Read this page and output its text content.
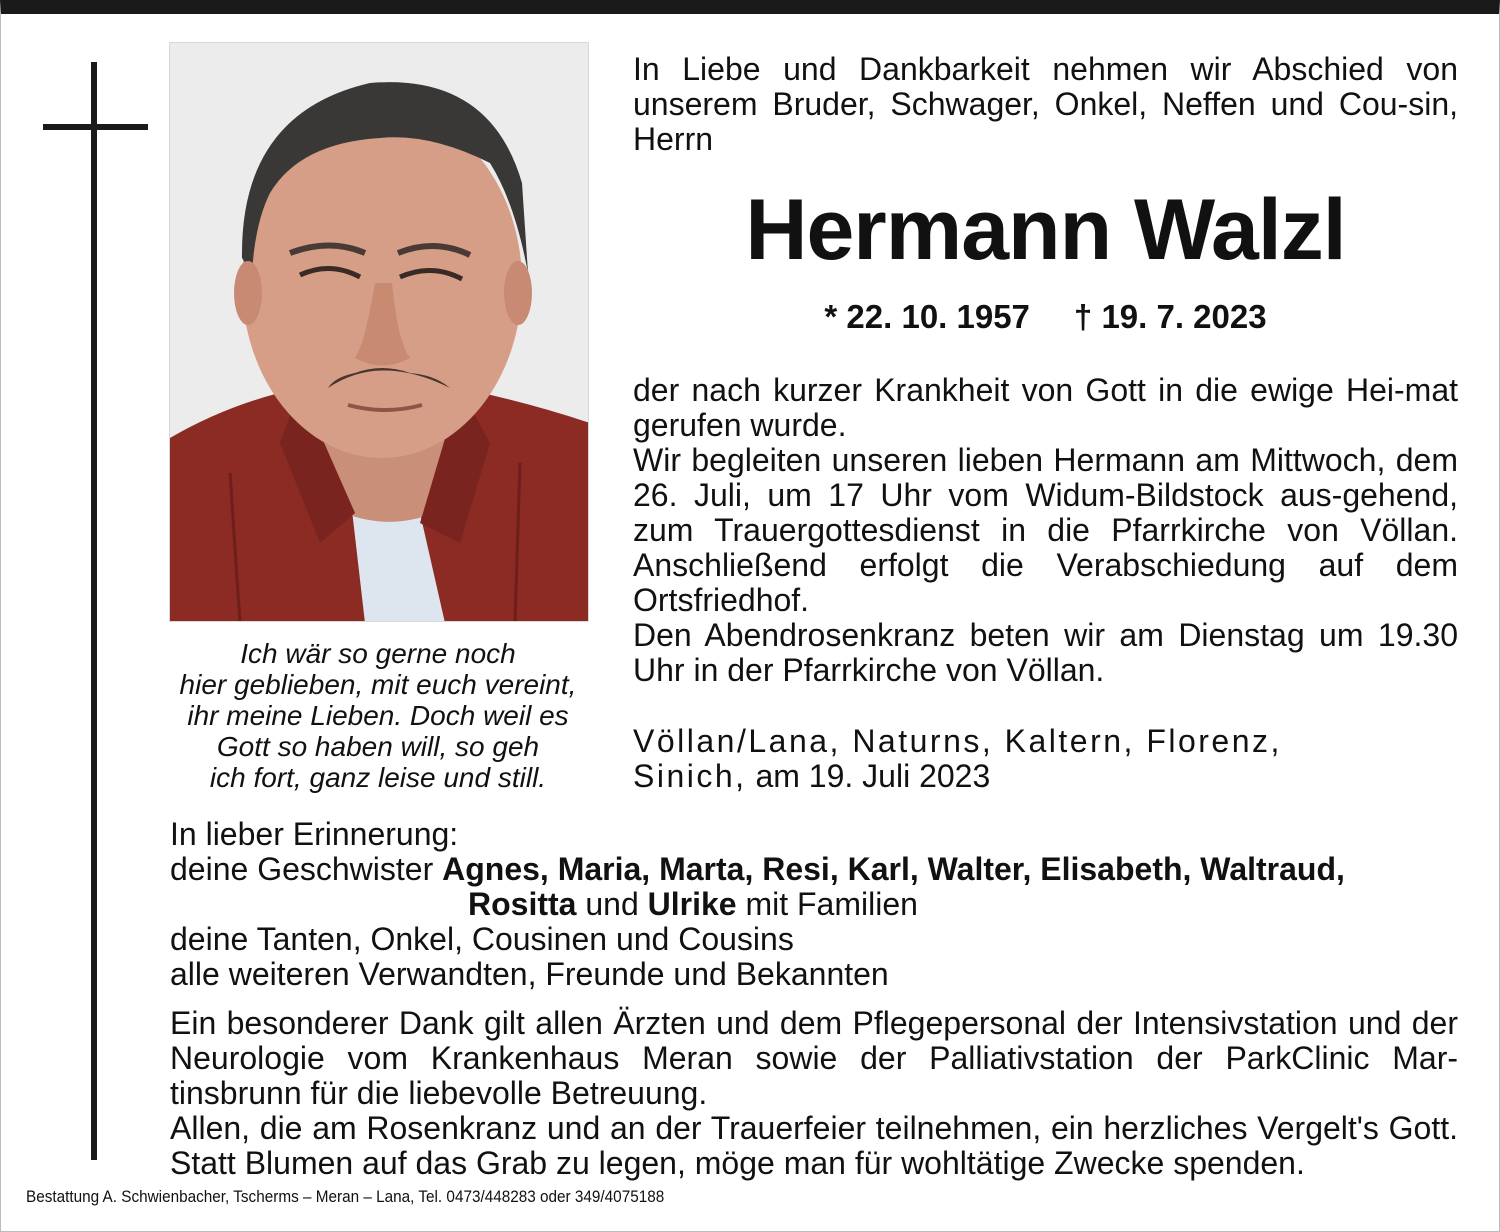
Ich wär so gerne noch
hier geblieben, mit euch vereint,
ihr meine Lieben. Doch weil es
Gott so haben will, so geh
ich fort, ganz leise und still.
In Liebe und Dankbarkeit nehmen wir Abschied von unserem Bruder, Schwager, Onkel, Neffen und Cou-sin, Herrn
Hermann Walzl
* 22. 10. 1957 † 19. 7. 2023

der nach kurzer Krankheit von Gott in die ewige Hei-mat gerufen wurde.

Wir begleiten unseren lieben Hermann am Mittwoch, dem 26. Juli, um 17 Uhr vom Widum-Bildstock aus-gehend, zum Trauergottesdienst in die Pfarrkirche von Völlan. Anschließend erfolgt die Verabschiedung auf dem Ortsfriedhof.

Den Abendrosenkranz beten wir am Dienstag um 19.30 Uhr in der Pfarrkirche von Völlan.

Völlan/Lana, Naturns, Kaltern, Florenz,
Sinich, am 19. Juli 2023
In lieber Erinnerung:
deine Geschwister Agnes, Maria, Marta, Resi, Karl, Walter, Elisabeth, Waltraud,
Rositta und Ulrike mit Familien
deine Tanten, Onkel, Cousinen und Cousins
alle weiteren Verwandten, Freunde und Bekannten

Ein besonderer Dank gilt allen Ärzten und dem Pflegepersonal der Intensivstation und der Neurologie vom Krankenhaus Meran sowie der Palliativstation der ParkClinic Mar-tinsbrunn für die liebevolle Betreuung.

Allen, die am Rosenkranz und an der Trauerfeier teilnehmen, ein herzliches Vergelt's Gott. Statt Blumen auf das Grab zu legen, möge man für wohltätige Zwecke spenden.

Bestattung A. Schwienbacher, Tscherms – Meran – Lana, Tel. 0473/448283 oder 349/4075188
